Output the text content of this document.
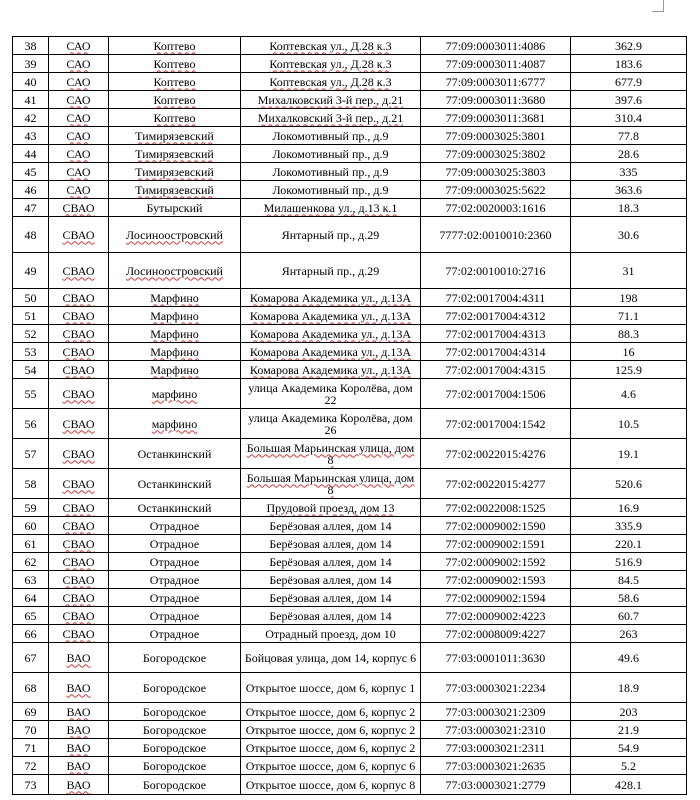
38	САО	Коптево	Коптевская ул., Д.28 к.3	77:09:0003011:4086	362.9
39	САО	Коптево	Коптевская ул., Д.28 к.3	77:09:0003011:4087	183.6
40	САО	Коптево	Коптевская ул., Д.28 к.3	77:09:0003011:6777	677.9
41	САО	Коптево	Михалковский 3-й пер., д.21	77:09:0003011:3680	397.6
42	САО	Коптево	Михалковский 3-й пер., д.21	77:09:0003011:3681	310.4
43	САО	Тимирязевский	Локомотивный пр., д.9	77:09:0003025:3801	77.8
44	САО	Тимирязевский	Локомотивный пр., д.9	77:09:0003025:3802	28.6
45	САО	Тимирязевский	Локомотивный пр., д.9	77:09:0003025:3803	335
46	САО	Тимирязевский	Локомотивный пр., д.9	77:09:0003025:5622	363.6
47	СВАО	Бутырский	Милашенкова ул., д.13 к.1	77:02:0020003:1616	18.3
48	СВАО	Лосиноостровский	Янтарный пр., д.29	7777:02:0010010:2360	30.6
49	СВАО	Лосиноостровский	Янтарный пр., д.29	77:02:0010010:2716	31
50	СВАО	Марфино	Комарова Академика ул., д.13А	77:02:0017004:4311	198
51	СВАО	Марфино	Комарова Академика ул., д.13А	77:02:0017004:4312	71.1
52	СВАО	Марфино	Комарова Академика ул., д.13А	77:02:0017004:4313	88.3
53	СВАО	Марфино	Комарова Академика ул., д.13А	77:02:0017004:4314	16
54	СВАО	Марфино	Комарова Академика ул., д.13А	77:02:0017004:4315	125.9
55	СВАО	марфино	улица Академика Королёва, дом 22	77:02:0017004:1506	4.6
56	СВАО	марфино	улица Академика Королёва, дом 26	77:02:0017004:1542	10.5
57	СВАО	Останкинский	Большая Марьинская улица, дом 8	77:02:0022015:4276	19.1
58	СВАО	Останкинский	Большая Марьинская улица, дом 8	77:02:0022015:4277	520.6
59	СВАО	Останкинский	Прудовой проезд, дом 13	77:02:0022008:1525	16.9
60	СВАО	Отрадное	Берёзовая аллея, дом 14	77:02:0009002:1590	335.9
61	СВАО	Отрадное	Берёзовая аллея, дом 14	77:02:0009002:1591	220.1
62	СВАО	Отрадное	Берёзовая аллея, дом 14	77:02:0009002:1592	516.9
63	СВАО	Отрадное	Берёзовая аллея, дом 14	77:02:0009002:1593	84.5
64	СВАО	Отрадное	Берёзовая аллея, дом 14	77:02:0009002:1594	58.6
65	СВАО	Отрадное	Берёзовая аллея, дом 14	77:02:0009002:4223	60.7
66	СВАО	Отрадное	Отрадный проезд, дом 10	77:02:0008009:4227	263
67	ВАО	Богородское	Бойцовая улица, дом 14, корпус 6	77:03:0001011:3630	49.6
68	ВАО	Богородское	Открытое шоссе, дом 6, корпус 1	77:03:0003021:2234	18.9
69	ВАО	Богородское	Открытое шоссе, дом 6, корпус 2	77:03:0003021:2309	203
70	ВАО	Богородское	Открытое шоссе, дом 6, корпус 2	77:03:0003021:2310	21.9
71	ВАО	Богородское	Открытое шоссе, дом 6, корпус 2	77:03:0003021:2311	54.9
72	ВАО	Богородское	Открытое шоссе, дом 6, корпус 6	77:03:0003021:2635	5.2
73	ВАО	Богородское	Открытое шоссе, дом 6, корпус 8	77:03:0003021:2779	428.1
